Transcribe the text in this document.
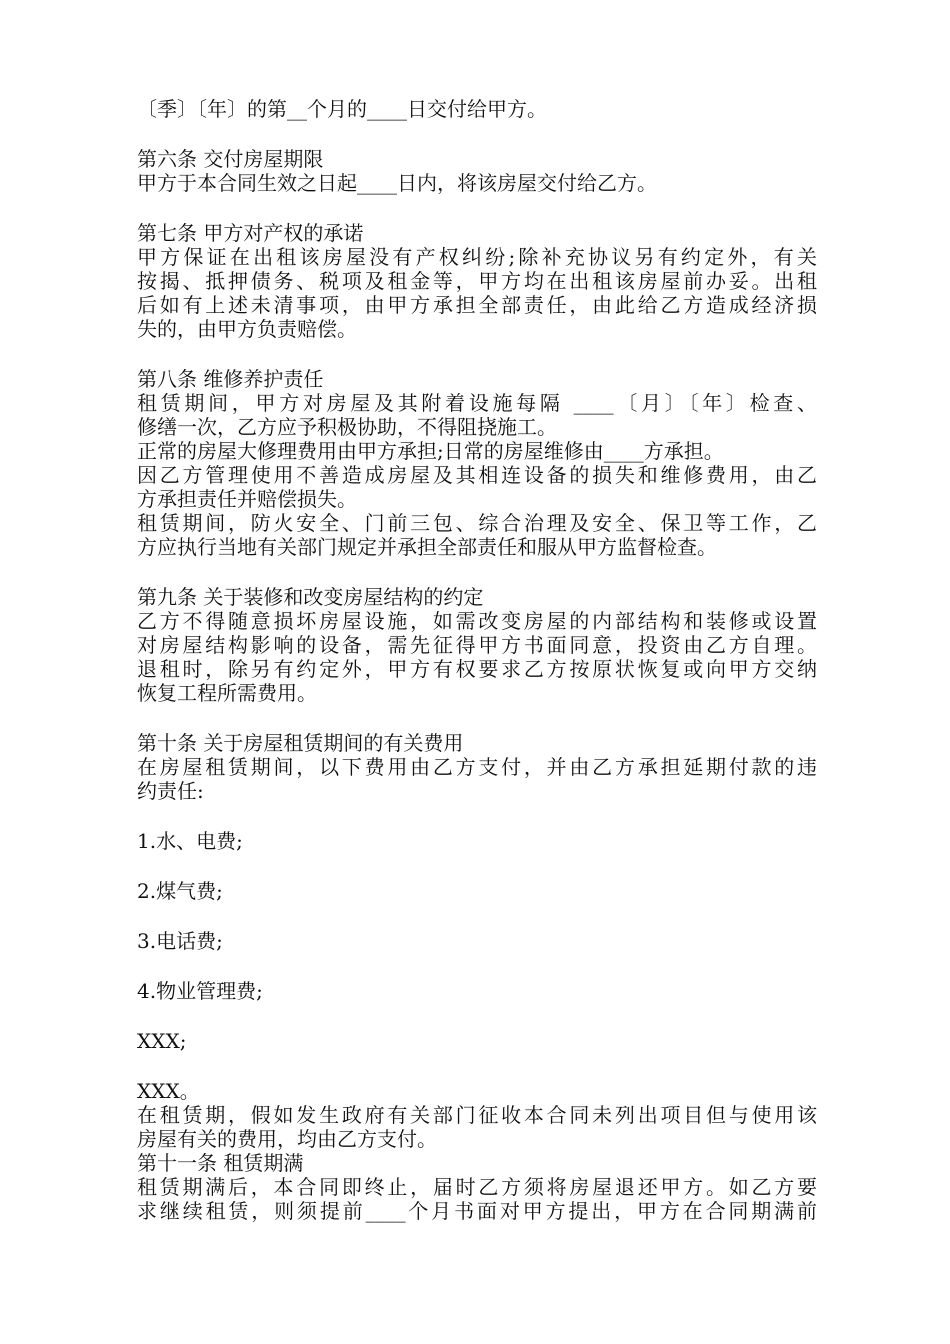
〔季〕〔年〕的第__个月的____日交付给甲方。
第六条 交付房屋期限
甲方于本合同生效之日起____日内，将该房屋交付给乙方。
第七条 甲方对产权的承诺
甲方保证在出租该房屋没有产权纠纷;除补充协议另有约定外，有关
按揭、抵押债务、税项及租金等，甲方均在出租该房屋前办妥。出租
后如有上述未清事项，由甲方承担全部责任，由此给乙方造成经济损
失的，由甲方负责赔偿。
第八条 维修养护责任
租赁期间，甲方对房屋及其附着设施每隔 ____〔月〕〔年〕检查、
修缮一次，乙方应予积极协助，不得阻挠施工。
正常的房屋大修理费用由甲方承担;日常的房屋维修由____方承担。
因乙方管理使用不善造成房屋及其相连设备的损失和维修费用，由乙
方承担责任并赔偿损失。
租赁期间，防火安全、门前三包、综合治理及安全、保卫等工作，乙
方应执行当地有关部门规定并承担全部责任和服从甲方监督检查。
第九条 关于装修和改变房屋结构的约定
乙方不得随意损坏房屋设施，如需改变房屋的内部结构和装修或设置
对房屋结构影响的设备，需先征得甲方书面同意，投资由乙方自理。
退租时，除另有约定外，甲方有权要求乙方按原状恢复或向甲方交纳
恢复工程所需费用。
第十条 关于房屋租赁期间的有关费用
在房屋租赁期间，以下费用由乙方支付，并由乙方承担延期付款的违
约责任:
1.水、电费;
2.煤气费;
3.电话费;
4.物业管理费;
XXX;
XXX。
在租赁期，假如发生政府有关部门征收本合同未列出项目但与使用该
房屋有关的费用，均由乙方支付。
第十一条 租赁期满
租赁期满后，本合同即终止，届时乙方须将房屋退还甲方。如乙方要
求继续租赁，则须提前____个月书面对甲方提出，甲方在合同期满前
